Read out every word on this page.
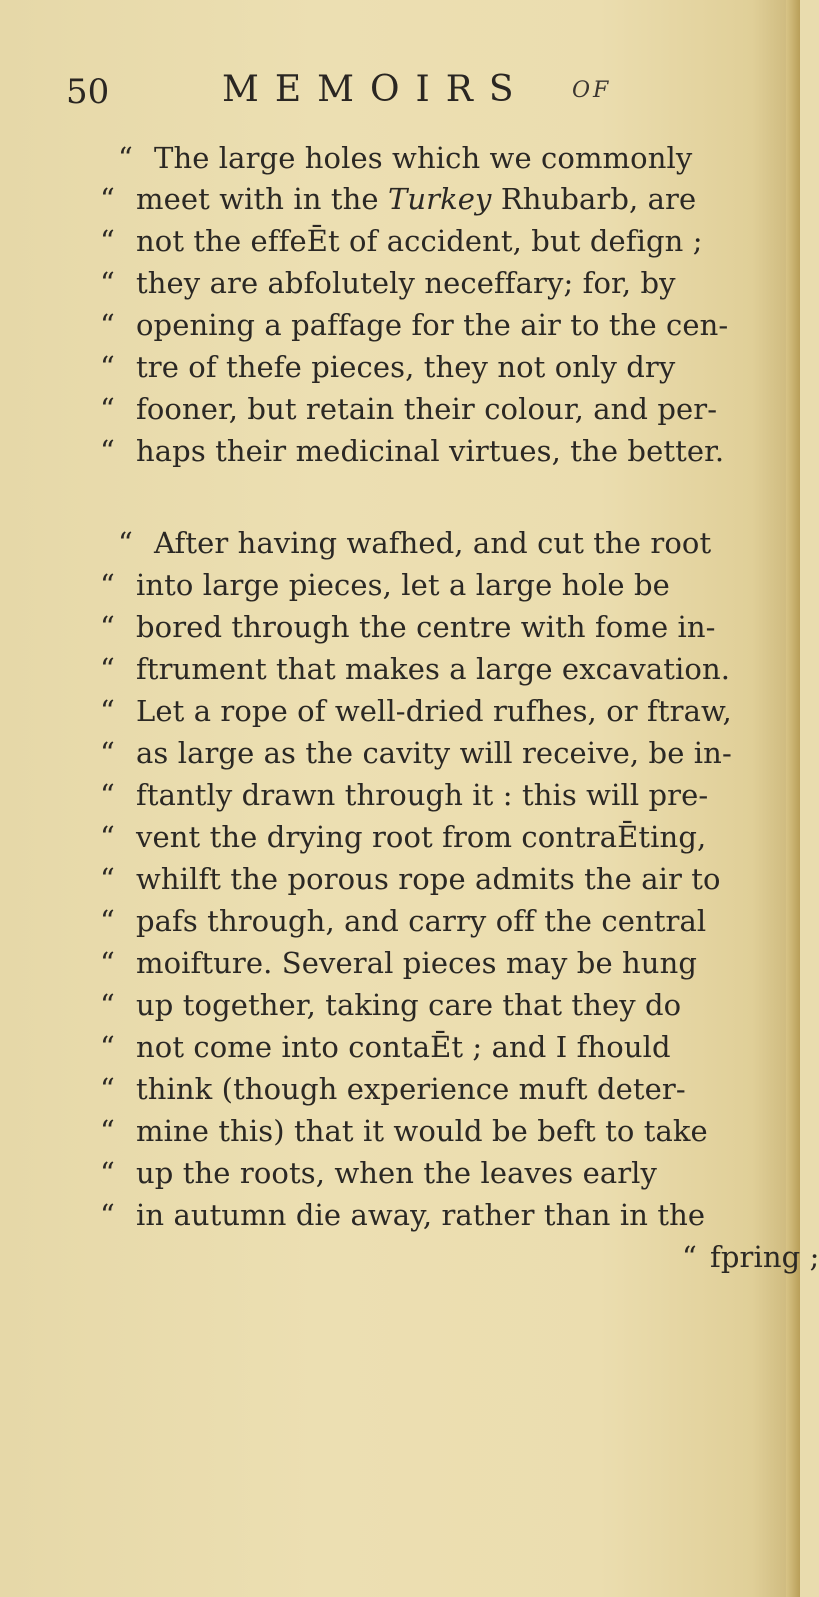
50	MEMOIRS OF
“ The large holes which we commonly
“ meet with in the Turkey Rhubarb, are
“ not the effeĒt of accident, but defign ;
“ they are abfolutely neceffary; for, by
“ opening a paffage for the air to the cen-
“ tre of thefe pieces, they not only dry
“ fooner, but retain their colour, and per-
“ haps their medicinal virtues, the better.
“ After having wafhed, and cut the root
“ into large pieces, let a large hole be
“ bored through the centre with fome in-
“ ftrument that makes a large excavation.
“ Let a rope of well-dried rufhes, or ftraw,
“ as large as the cavity will receive, be in-
“ ftantly drawn through it : this will pre-
“ vent the drying root from contraĒting,
“ whilft the porous rope admits the air to
“ pafs through, and carry off the central
“ moifture. Several pieces may be hung
“ up together, taking care that they do
“ not come into contaĒt ; and I fhould
“ think (though experience muft deter-
“ mine this) that it would be beft to take
“ up the roots, when the leaves early
“ in autumn die away, rather than in the
“ fpring ;
